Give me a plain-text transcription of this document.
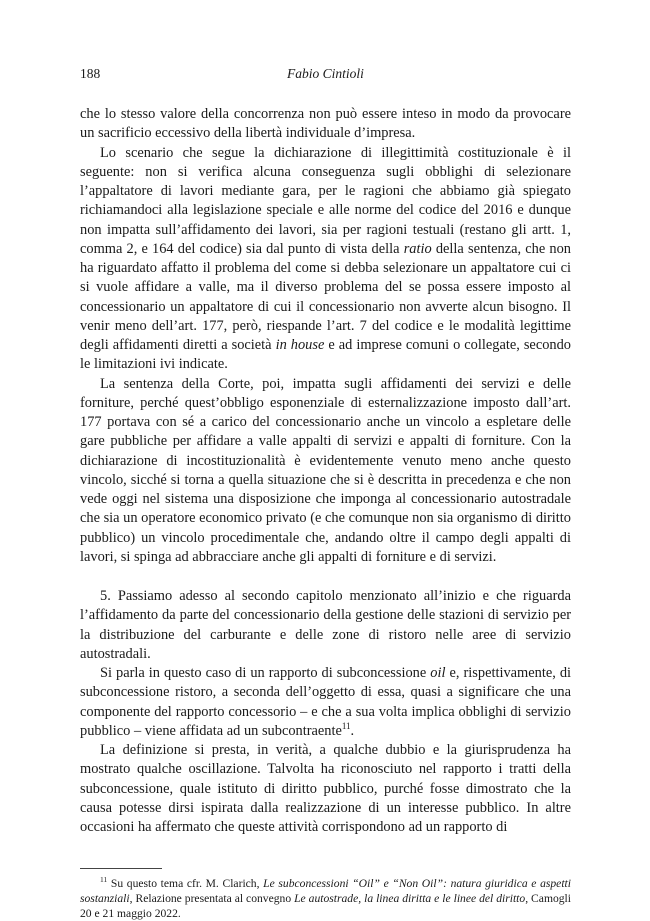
188	Fabio Cintioli

che lo stesso valore della concorrenza non può essere inteso in modo da provocare un sacrificio eccessivo della libertà individuale d’impresa.

Lo scenario che segue la dichiarazione di illegittimità costituzionale è il seguente: non si verifica alcuna conseguenza sugli obblighi di selezionare l’appaltatore di lavori mediante gara, per le ragioni che abbiamo già spiegato richiamandoci alla legislazione speciale e alle norme del codice del 2016 e dunque non impatta sull’affidamento dei lavori, sia per ragioni testuali (restano gli artt. 1, comma 2, e 164 del codice) sia dal punto di vista della ratio della sentenza, che non ha riguardato affatto il problema del come si debba selezionare un appaltatore cui ci si vuole affidare a valle, ma il diverso problema del se possa essere imposto al concessionario un appaltatore di cui il concessionario non avverte alcun bisogno. Il venir meno dell’art. 177, però, riespande l’art. 7 del codice e le modalità legittime degli affidamenti diretti a società in house e ad imprese comuni o collegate, secondo le limitazioni ivi indicate.

La sentenza della Corte, poi, impatta sugli affidamenti dei servizi e delle forniture, perché quest’obbligo esponenziale di esternalizzazione imposto dall’art. 177 portava con sé a carico del concessionario anche un vincolo a espletare delle gare pubbliche per affidare a valle appalti di servizi e appalti di forniture. Con la dichiarazione di incostituzionalità è evidentemente venuto meno anche questo vincolo, sicché si torna a quella situazione che si è descritta in precedenza e che non vede oggi nel sistema una disposizione che imponga al concessionario autostradale che sia un operatore economico privato (e che comunque non sia organismo di diritto pubblico) un vincolo procedimentale che, andando oltre il campo degli appalti di lavori, si spinga ad abbracciare anche gli appalti di forniture e di servizi.

5. Passiamo adesso al secondo capitolo menzionato all’inizio e che riguarda l’affidamento da parte del concessionario della gestione delle stazioni di servizio per la distribuzione del carburante e delle zone di ristoro nelle aree di servizio autostradali.

Si parla in questo caso di un rapporto di subconcessione oil e, rispettivamente, di subconcessione ristoro, a seconda dell’oggetto di essa, quasi a significare che una componente del rapporto concessorio – e che a sua volta implica obblighi di servizio pubblico – viene affidata ad un subcontraente$^{11}$.

La definizione si presta, in verità, a qualche dubbio e la giurisprudenza ha mostrato qualche oscillazione. Talvolta ha riconosciuto nel rapporto i tratti della subconcessione, quale istituto di diritto pubblico, purché fosse dimostrato che la causa potesse dirsi ispirata dalla realizzazione di un interesse pubblico. In altre occasioni ha affermato che queste attività corrispondono ad un rapporto di

$^{11}$ Su questo tema cfr. M. Clarich, Le subconcessioni “Oil” e “Non Oil”: natura giuridica e aspetti sostanziali, Relazione presentata al convegno Le autostrade, la linea diritta e le linee del diritto, Camogli 20 e 21 maggio 2022.
